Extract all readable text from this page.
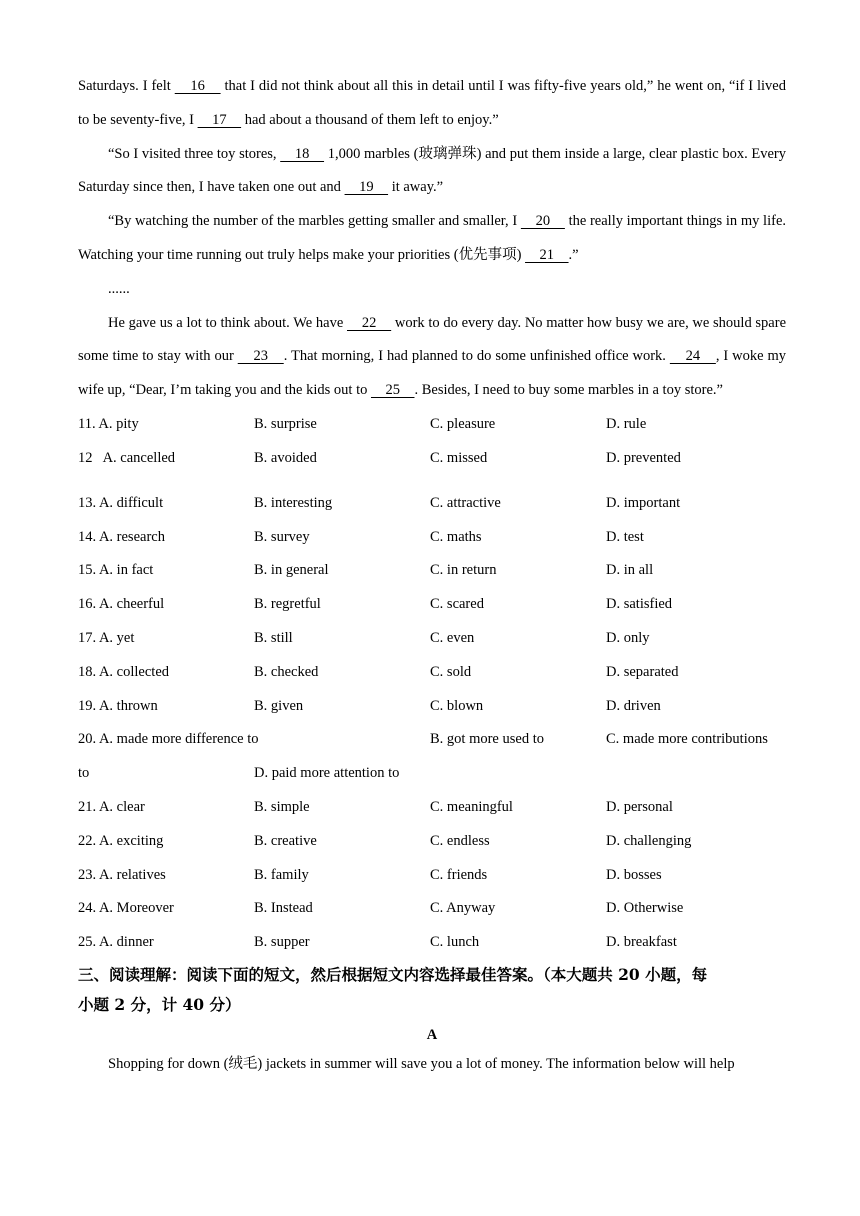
Saturdays. I felt     16     that I did not think about all this in detail until I was fifty-five years old,” he went on, “if I lived to be seventy-five, I     17     had about a thousand of them left to enjoy.”

“So I visited three toy stores,     18     1,000 marbles (玻璃弹珠) and put them inside a large, clear plastic box. Every Saturday since then, I have taken one out and     19     it away.”

“By watching the number of the marbles getting smaller and smaller, I     20     the really important things in my life. Watching your time running out truly helps make your priorities (优先事项)     21    .”

......

He gave us a lot to think about. We have     22     work to do every day. No matter how busy we are, we should spare some time to stay with our     23    . That morning, I had planned to do some unfinished office work.     24    , I woke my wife up, “Dear, I’m taking you and the kids out to     25    . Besides, I need to buy some marbles in a toy store.”

11. A. pity	B. surprise	C. pleasure	D. rule
12   A. cancelled	B. avoided	C. missed	D. prevented
13. A. difficult	B. interesting	C. attractive	D. important
14. A. research	B. survey	C. maths	D. test
15. A. in fact	B. in general	C. in return	D. in all
16. A. cheerful	B. regretful	C. scared	D. satisfied
17. A. yet	B. still	C. even	D. only
18. A. collected	B. checked	C. sold	D. separated
19. A. thrown	B. given	C. blown	D. driven
20. A. made more difference to	B. got more used to	C. made more contributions
to	D. paid more attention to
21. A. clear	B. simple	C. meaningful	D. personal
22. A. exciting	B. creative	C. endless	D. challenging
23. A. relatives	B. family	C. friends	D. bosses
24. A. Moreover	B. Instead	C. Anyway	D. Otherwise
25. A. dinner	B. supper	C. lunch	D. breakfast

三、阅读理解：阅读下面的短文，然后根据短文内容选择最佳答案。（本大题共 20 小题，每
小题 2 分，计 40 分）

A

Shopping for down (绒毛) jackets in summer will save you a lot of money. The information below will help
